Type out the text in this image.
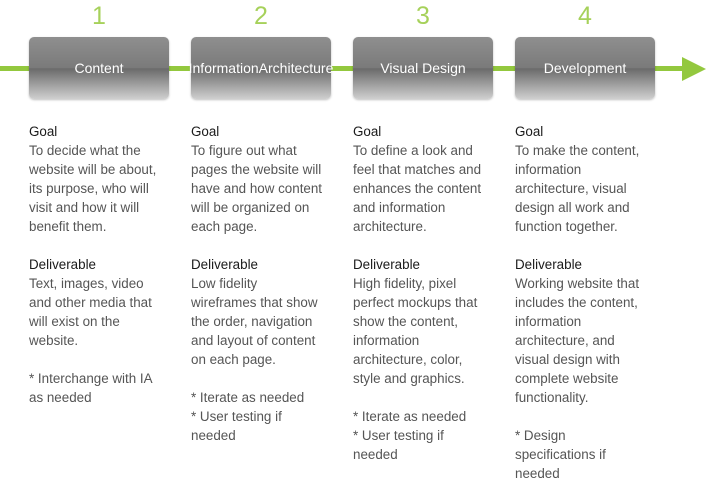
1
Content
Goal
To decide what the
website will be about,
its purpose, who will
visit and how it will
benefit them.
Deliverable
Text, images, video
and other media that
will exist on the
website.
* Interchange with IA
as needed
2
InformationArchitecture
Goal
To figure out what
pages the website will
have and how content
will be organized on
each page.
Deliverable
Low fidelity
wireframes that show
the order, navigation
and layout of content
on each page.
* Iterate as needed
* User testing if
needed
3
Visual Design
Goal
To define a look and
feel that matches and
enhances the content
and information
architecture.
Deliverable
High fidelity, pixel
perfect mockups that
show the content,
information
architecture, color,
style and graphics.
* Iterate as needed
* User testing if
needed
4
Development
Goal
To make the content,
information
architecture, visual
design all work and
function together.
Deliverable
Working website that
includes the content,
information
architecture, and
visual design with
complete website
functionality.
* Design
specifications if
needed
